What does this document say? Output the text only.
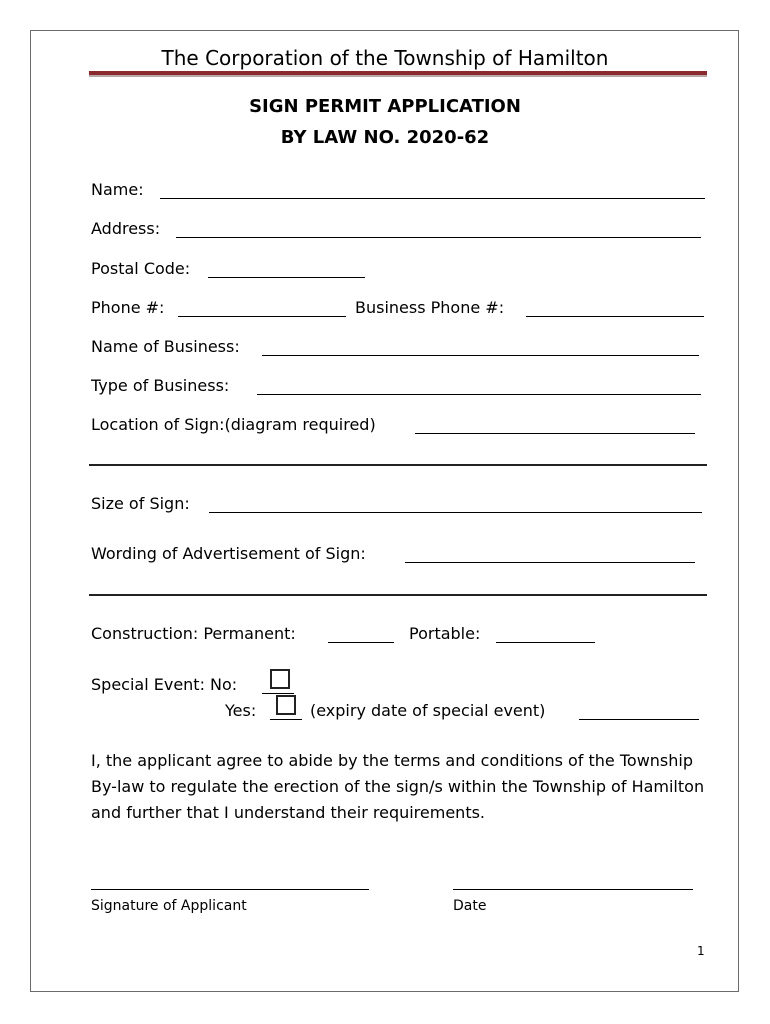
The Corporation of the Township of Hamilton
SIGN PERMIT APPLICATION
BY LAW NO. 2020-62
Name:
Address:
Postal Code:
Phone #:	Business Phone #:
Name of Business:
Type of Business:
Location of Sign:(diagram required)
Size of Sign:
Wording of Advertisement of Sign:
Construction: Permanent:	Portable:
Special Event: No:
Yes:	(expiry date of special event)
I, the applicant agree to abide by the terms and conditions of the Township By-law to regulate the erection of the sign/s within the Township of Hamilton and further that I understand their requirements.
Signature of Applicant	Date
1
